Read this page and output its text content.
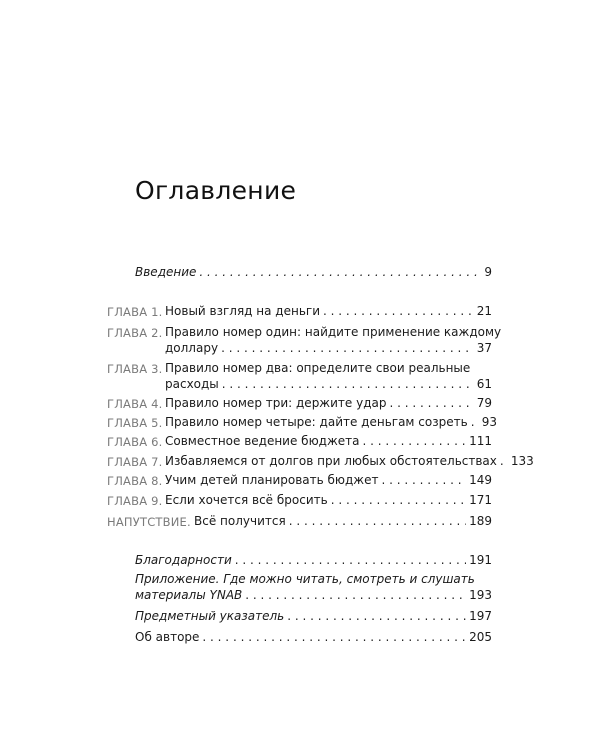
Оглавление
Введение . . .	9
ГЛАВА 1. Новый взгляд на деньги . . .	21
ГЛАВА 2. Правило номер один: найдите применение каждому
доллару . . .	37
ГЛАВА 3. Правило номер два: определите свои реальные
расходы . . .	61
ГЛАВА 4. Правило номер три: держите удар . . .	79
ГЛАВА 5. Правило номер четыре: дайте деньгам созреть . . . 93
ГЛАВА 6. Совместное ведение бюджета . . .	111
ГЛАВА 7. Избавляемся от долгов при любых обстоятельствах . . . 133
ГЛАВА 8. Учим детей планировать бюджет . . .	149
ГЛАВА 9. Если хочется всё бросить . . .	171
НАПУТСТВИЕ. Всё получится . . .	189
Благодарности . . .	191
Приложение. Где можно читать, смотреть и слушать
материалы YNAB . . .	193
Предметный указатель . . .	197
Об авторе . . .	205
